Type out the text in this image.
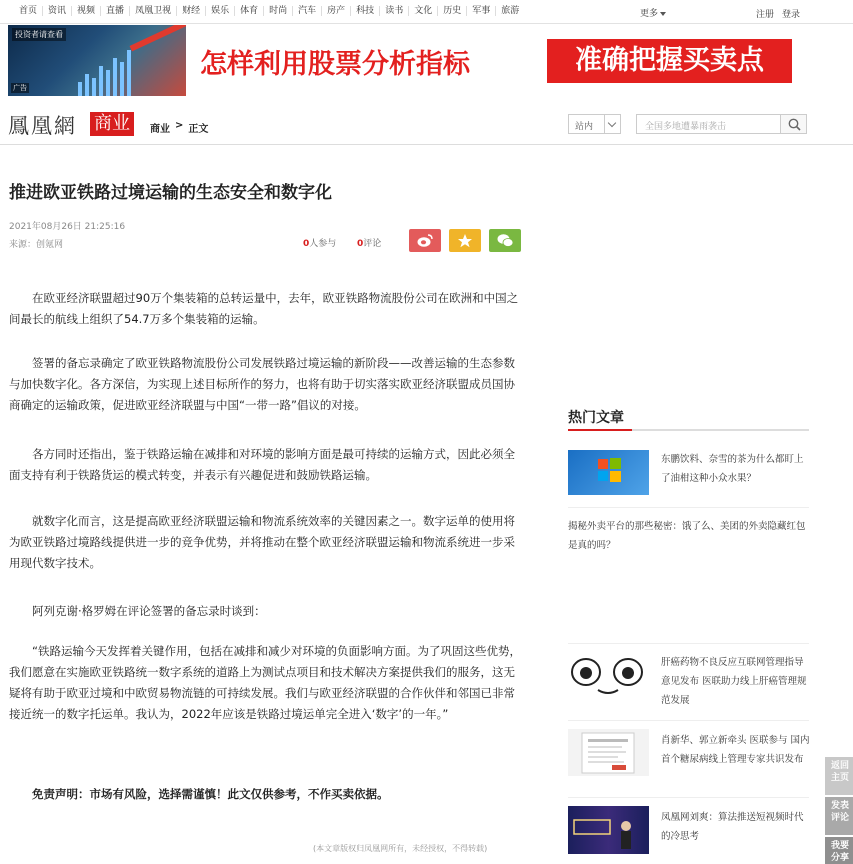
首页	资讯	视频	直播	凤凰卫视	财经	娱乐	体育	时尚	汽车	房产	科技	读书	文化	历史	军事	旅游	更多	注册 登录
投资者请查看
广告
怎样利用股票分析指标	准确把握买卖点
鳳凰網 商业	商业 > 正文	站内	全国多地遭暴雨袭击
推进欧亚铁路过境运输的生态安全和数字化
2021年08月26日 21:25:16
来源：创氪网	0人参与 0评论

在欧亚经济联盟超过90万个集装箱的总转运量中，去年，欧亚铁路物流股份公司在欧洲和中国之间最长的航线上组织了54.7万多个集装箱的运输。

签署的备忘录确定了欧亚铁路物流股份公司发展铁路过境运输的新阶段——改善运输的生态参数与加快数字化。各方深信，为实现上述目标所作的努力，也将有助于切实落实欧亚经济联盟成员国协商确定的运输政策，促进欧亚经济联盟与中国“一带一路”倡议的对接。

各方同时还指出，鉴于铁路运输在减排和对环境的影响方面是最可持续的运输方式，因此必须全面支持有利于铁路货运的模式转变，并表示有兴趣促进和鼓励铁路运输。

就数字化而言，这是提高欧亚经济联盟运输和物流系统效率的关键因素之一。数字运单的使用将为欧亚铁路过境路线提供进一步的竞争优势，并将推动在整个欧亚经济联盟运输和物流系统进一步采用现代数字技术。

阿列克谢·格罗姆在评论签署的备忘录时谈到：

“铁路运输今天发挥着关键作用，包括在减排和减少对环境的负面影响方面。为了巩固这些优势，我们愿意在实施欧亚铁路统一数字系统的道路上为测试点项目和技术解决方案提供我们的服务，这无疑将有助于欧亚过境和中欧贸易物流链的可持续发展。我们与欧亚经济联盟的合作伙伴和邻国已非常接近统一的数字托运单。我认为，2022年应该是铁路过境运单完全进入‘数字’的一年。”

免责声明：市场有风险，选择需谨慎！此文仅供参考，不作买卖依据。

(本文章版权归凤凰网所有，未经授权，不得转载)
热门文章
东鹏饮料、奈雪的茶为什么都盯上了油柑这种小众水果？
揭秘外卖平台的那些秘密：饿了么、美团的外卖隐藏红包是真的吗？
肝癌药物不良反应互联网管理指导意见发布 医联助力线上肝癌管理规范发展
肖新华、郭立新牵头 医联参与 国内首个糖尿病线上管理专家共识发布
凤凰网刘爽：算法推送短视频时代的冷思考
返回主页
发表评论
我要分享
